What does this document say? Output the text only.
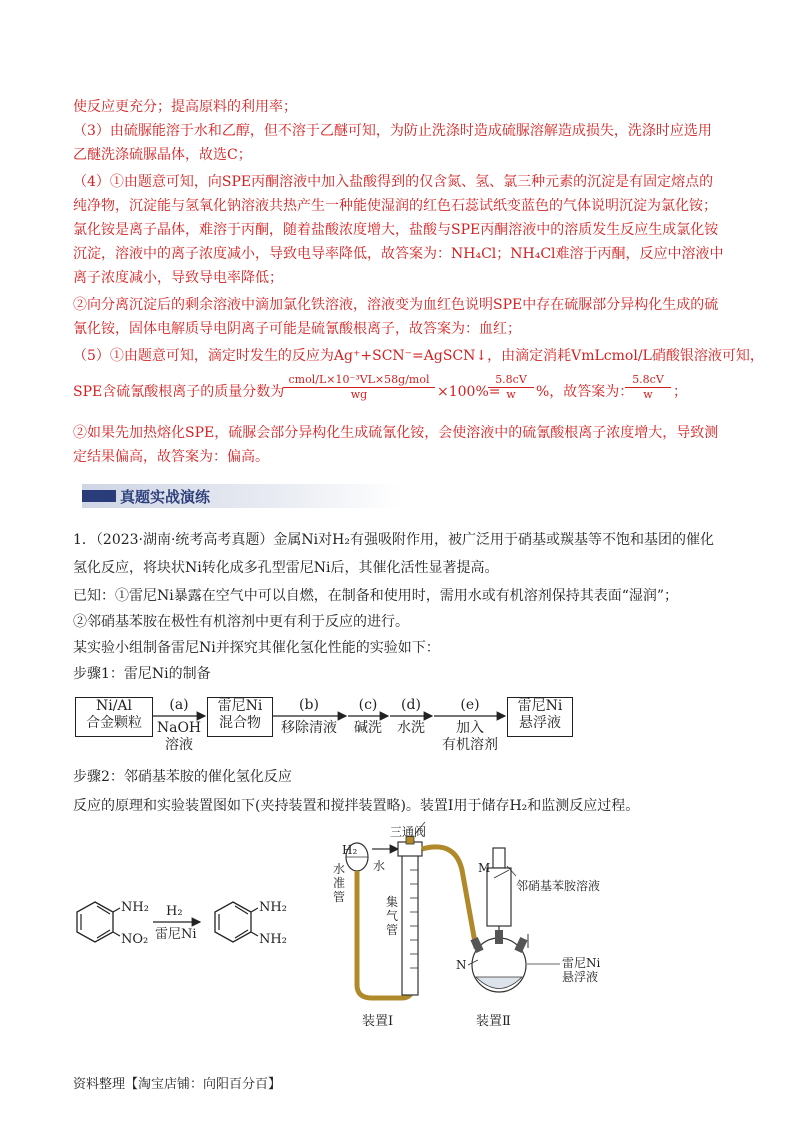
使反应更充分；提高原料的利用率；
（3）由硫脲能溶于水和乙醇，但不溶于乙醚可知，为防止洗涤时造成硫脲溶解造成损失，洗涤时应选用
乙醚洗涤硫脲晶体，故选C；
（4）①由题意可知，向SPE丙酮溶液中加入盐酸得到的仅含氮、氢、氯三种元素的沉淀是有固定熔点的
纯净物，沉淀能与氢氧化钠溶液共热产生一种能使湿润的红色石蕊试纸变蓝色的气体说明沉淀为氯化铵；
氯化铵是离子晶体，难溶于丙酮，随着盐酸浓度增大，盐酸与SPE丙酮溶液中的溶质发生反应生成氯化铵
沉淀，溶液中的离子浓度减小，导致电导率降低，故答案为：NH₄Cl；NH₄Cl难溶于丙酮，反应中溶液中
离子浓度减小，导致导电率降低；
②向分离沉淀后的剩余溶液中滴加氯化铁溶液，溶液变为血红色说明SPE中存在硫脲部分异构化生成的硫
氰化铵，固体电解质导电阴离子可能是硫氰酸根离子，故答案为：血红；
（5）①由题意可知，滴定时发生的反应为Ag⁺+SCN⁻=AgSCN↓，由滴定消耗VmLcmol/L硝酸银溶液可知，
SPE含硫氰酸根离子的质量分数为
cmol/L×10⁻³VL×58g/mol
wg	×100%=
$\frac{5.8cV}{w}$ %，故答案为：
$\frac{5.8cV}{w}$ ；
②如果先加热熔化SPE，硫脲会部分异构化生成硫氰化铵，会使溶液中的硫氰酸根离子浓度增大，导致测
定结果偏高，故答案为：偏高。
真题实战演练
1．（2023·湖南·统考高考真题）金属Ni对H₂有强吸附作用，被广泛用于硝基或羰基等不饱和基团的催化
氢化反应，将块状Ni转化成多孔型雷尼Ni后，其催化活性显著提高。
已知：①雷尼Ni暴露在空气中可以自燃，在制备和使用时，需用水或有机溶剂保持其表面“湿润”；
②邻硝基苯胺在极性有机溶剂中更有利于反应的进行。
某实验小组制备雷尼Ni并探究其催化氢化性能的实验如下：
步骤1：雷尼Ni的制备
Ni/Al
合金颗粒
(a)
NaOH
溶液
雷尼Ni
混合物
(b)
移除清液
(c)
碱洗
(d)
水洗
(e)
加入
有机溶剂
雷尼Ni
悬浮液
步骤2：邻硝基苯胺的催化氢化反应
反应的原理和实验装置图如下(夹持装置和搅拌装置略)。装置Ⅰ用于储存H₂和监测反应过程。
NH₂
NO₂
H₂
雷尼Ni
NH₂
NH₂
H₂
三通阀
水准管
水
集气管
M
邻硝基苯胺溶液
N	雷尼Ni
悬浮液
装置Ⅰ	装置Ⅱ
资料整理【淘宝店铺：向阳百分百】
